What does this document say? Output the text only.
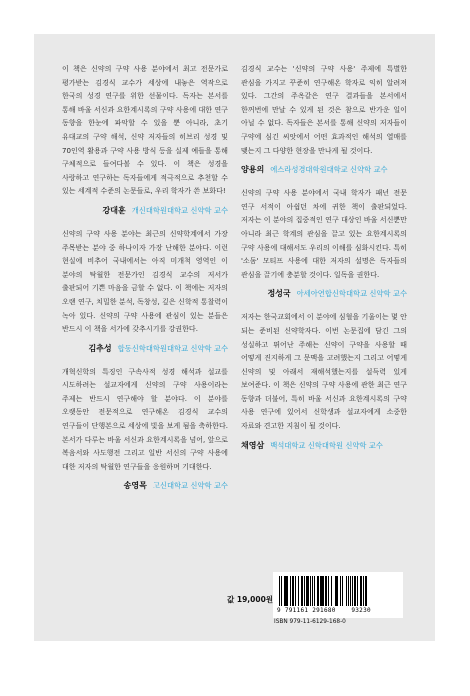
이 책은 신약의 구약 사용 분야에서 최고 전문가로 평가받는 김경식 교수가 세상에 내놓은 역작으로 한국의 성경 연구를 위한 선물이다. 독자는 본서를 통해 바울 서신과 요한계시록의 구약 사용에 대한 연구 동향을 한눈에 파악할 수 있을 뿐 아니라, 초기 유대교의 구약 해석, 신약 저자들의 히브리 성경 및 70인역 활용과 구약 사용 방식 등을 실제 예들을 통해 구체적으로 들여다볼 수 있다. 이 책은 성경을 사랑하고 연구하는 독자들에게 적극적으로 추천할 수 있는 세계적 수준의 논문들로, 우리 학자가 쓴 보화다!
강대훈 개신대학원대학교 신약학 교수
신약의 구약 사용 분야는 최근의 신약학계에서 가장 주목받는 분야 중 하나이자 가장 난해한 분야다. 이런 현실에 비추어 국내에서는 아직 미개척 영역인 이 분야의 탁월한 전문가인 김경식 교수의 저서가 출판되어 기쁜 마음을 금할 수 없다. 이 책에는 저자의 오랜 연구, 치밀한 분석, 독창성, 깊은 신학적 통찰력이 녹아 있다. 신약의 구약 사용에 관심이 있는 분들은 반드시 이 책을 서가에 갖추시기를 강권한다.
김추성 합동신학대학원대학교 신약학 교수
개혁신학의 특징인 구속사적 성경 해석과 설교를 시도하려는 설교자에게 신약의 구약 사용이라는 주제는 반드시 연구해야 할 분야다. 이 분야를 오랫동안 전문적으로 연구해온 김경식 교수의 연구들이 단행본으로 세상에 빛을 보게 됨을 축하한다. 본서가 다루는 바울 서신과 요한계시록을 넘어, 앞으로 복음서와 사도행전 그리고 일반 서신의 구약 사용에 대한 저자의 탁월한 연구들을 응원하며 기대한다.
송영목 고신대학교 신약학 교수
김경식 교수는 '신약의 구약 사용' 주제에 특별한 관심을 가지고 꾸준히 연구해온 학자로 익히 알려져 있다. 그간의 주옥같은 연구 결과들을 본서에서 한꺼번에 만날 수 있게 된 것은 참으로 반가운 일이 아닐 수 없다. 독자들은 본서를 통해 신약의 저자들이 구약에 심긴 씨앗에서 어떤 효과적인 해석의 열매를 맺는지 그 다양한 현장을 만나게 될 것이다.
양용의 에스라성경대학원대학교 신약학 교수
신약의 구약 사용 분야에서 국내 학자가 패넌 전문 연구 서적이 아쉽던 차에 귀한 책이 출판되었다. 저자는 이 분야의 집중적인 연구 대상인 바울 서신뿐만 아니라 최근 학계의 관심을 끌고 있는 요한계시록의 구약 사용에 대해서도 우리의 이해를 심화시킨다. 특히 '소돔' 모티프 사용에 대한 저자의 설명은 독자들의 관심을 끌기에 충분할 것이다. 일독을 권한다.
정성국 아세아연합신학대학교 신약학 교수
저자는 한국교회에서 이 분야에 심혈을 기울이는 몇 안 되는 준비된 신약학자다. 이번 논문집에 담긴 그의 성실하고 뛰어난 주해는 신약이 구약을 사용할 때 어떻게 진지하게 그 문맥을 고려했는지 그리고 어떻게 신약의 및 아래서 재해석했는지를 설득력 있게 보여준다. 이 책은 신약의 구약 사용에 관한 최근 연구 동향과 더불어, 특히 바울 서신과 요한계시록의 구약 사용 연구에 있어서 신학생과 설교자에게 소중한 자료와 견고한 지침이 될 것이다.
채영삼 백석대학교 신학대학원 신약학 교수
9 791161 291680	93230
값 19,000원
ISBN 979-11-6129-168-0
